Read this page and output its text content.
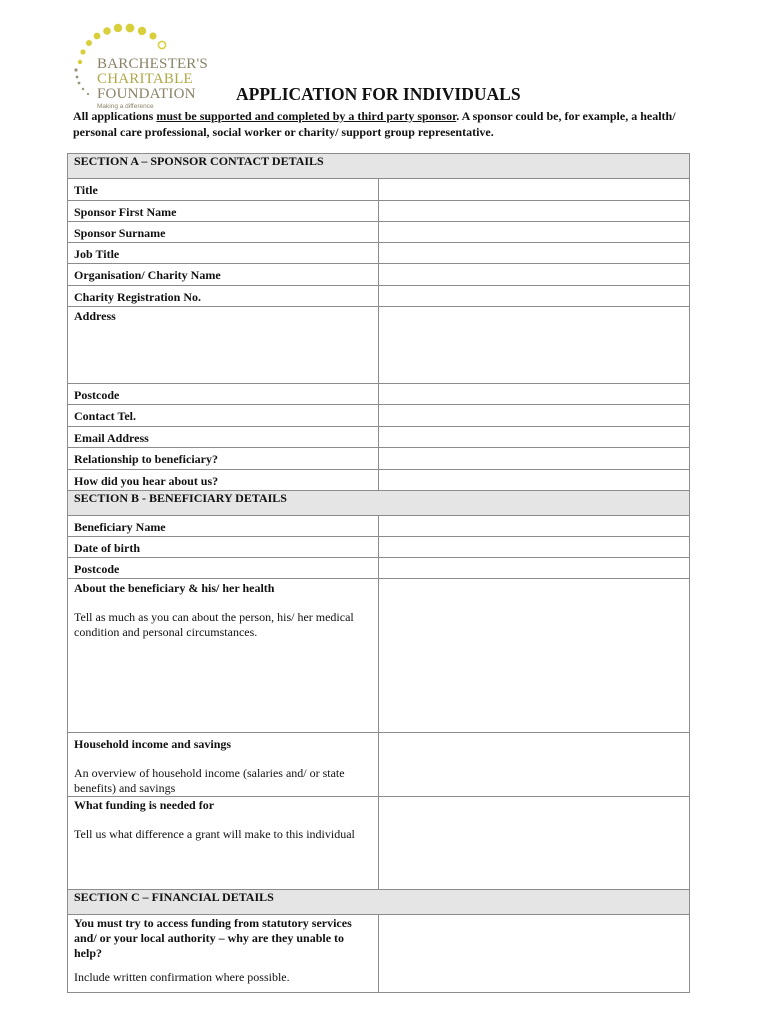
BARCHESTER'S
CHARITABLE
FOUNDATION
Making a difference
APPLICATION FOR INDIVIDUALS

All applications must be supported and completed by a third party sponsor. A sponsor could be, for example, a health/ personal care professional, social worker or charity/ support group representative.

SECTION A – SPONSOR CONTACT DETAILS	

Title	

Sponsor First Name	

Sponsor Surname	

Job Title	

Organisation/ Charity Name	

Charity Registration No.	

Address	

Postcode	

Contact Tel.	

Email Address	

Relationship to beneficiary?	

How did you hear about us?	

SECTION B - BENEFICIARY DETAILS	

Beneficiary Name	

Date of birth	

Postcode	

About the beneficiary & his/ her health
Tell as much as you can about the person, his/ her medical condition and personal circumstances.	

Household income and savings
An overview of household income (salaries and/ or state benefits) and savings	

What funding is needed for
Tell us what difference a grant will make to this individual	

SECTION C – FINANCIAL DETAILS	

You must try to access funding from statutory services and/ or your local authority – why are they unable to help?
Include written confirmation where possible.	
